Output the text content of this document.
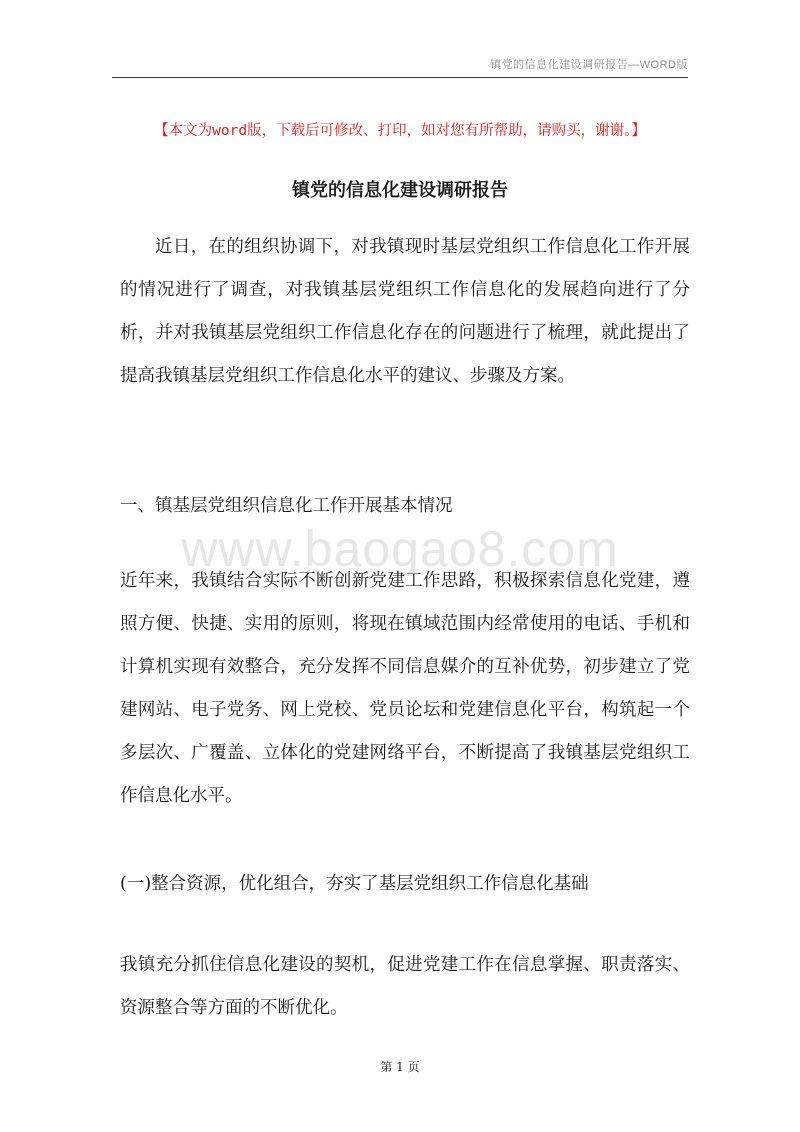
镇党的信息化建设调研报告—WORD版
【本文为word版，下载后可修改、打印，如对您有所帮助，请购买，谢谢。】
镇党的信息化建设调研报告
近日，在的组织协调下，对我镇现时基层党组织工作信息化工作开展的情况进行了调查，对我镇基层党组织工作信息化的发展趋向进行了分析，并对我镇基层党组织工作信息化存在的问题进行了梳理，就此提出了提高我镇基层党组织工作信息化水平的建议、步骤及方案。
一、镇基层党组织信息化工作开展基本情况
www.baogao8.com
近年来，我镇结合实际不断创新党建工作思路，积极探索信息化党建，遵照方便、快捷、实用的原则，将现在镇域范围内经常使用的电话、手机和计算机实现有效整合，充分发挥不同信息媒介的互补优势，初步建立了党建网站、电子党务、网上党校、党员论坛和党建信息化平台，构筑起一个多层次、广覆盖、立体化的党建网络平台，不断提高了我镇基层党组织工作信息化水平。
(一)整合资源，优化组合，夯实了基层党组织工作信息化基础
我镇充分抓住信息化建设的契机，促进党建工作在信息掌握、职责落实、资源整合等方面的不断优化。
第 1 页
